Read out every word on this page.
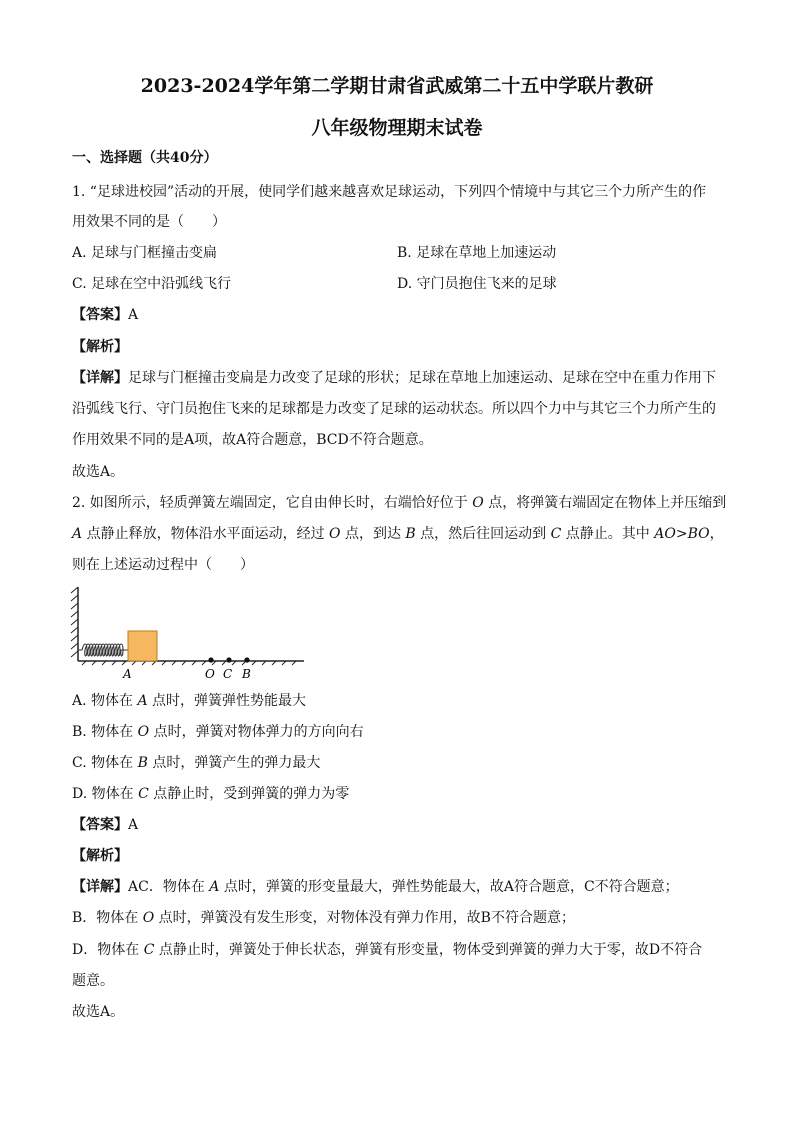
2023-2024学年第二学期甘肃省武威第二十五中学联片教研
八年级物理期末试卷
一、选择题（共40分）
1. “足球进校园”活动的开展，使同学们越来越喜欢足球运动，下列四个情境中与其它三个力所产生的作
用效果不同的是（　　）
A. 足球与门框撞击变扁	B. 足球在草地上加速运动
C. 足球在空中沿弧线飞行	D. 守门员抱住飞来的足球
【答案】A
【解析】
【详解】足球与门框撞击变扁是力改变了足球的形状；足球在草地上加速运动、足球在空中在重力作用下
沿弧线飞行、守门员抱住飞来的足球都是力改变了足球的运动状态。所以四个力中与其它三个力所产生的
作用效果不同的是A项，故A符合题意，BCD不符合题意。
故选A。
2. 如图所示，轻质弹簧左端固定，它自由伸长时，右端恰好位于 O 点，将弹簧右端固定在物体上并压缩到
A 点静止释放，物体沿水平面运动，经过 O 点，到达 B 点，然后往回运动到 C 点静止。其中 AO>BO，
则在上述运动过程中（　　）
A	O C B
A. 物体在 A 点时，弹簧弹性势能最大
B. 物体在 O 点时，弹簧对物体弹力的方向向右
C. 物体在 B 点时，弹簧产生的弹力最大
D. 物体在 C 点静止时，受到弹簧的弹力为零
【答案】A
【解析】
【详解】AC．物体在 A 点时，弹簧的形变量最大，弹性势能最大，故A符合题意，C不符合题意；
B．物体在 O 点时，弹簧没有发生形变，对物体没有弹力作用，故B不符合题意；
D．物体在 C 点静止时，弹簧处于伸长状态，弹簧有形变量，物体受到弹簧的弹力大于零，故D不符合
题意。
故选A。
